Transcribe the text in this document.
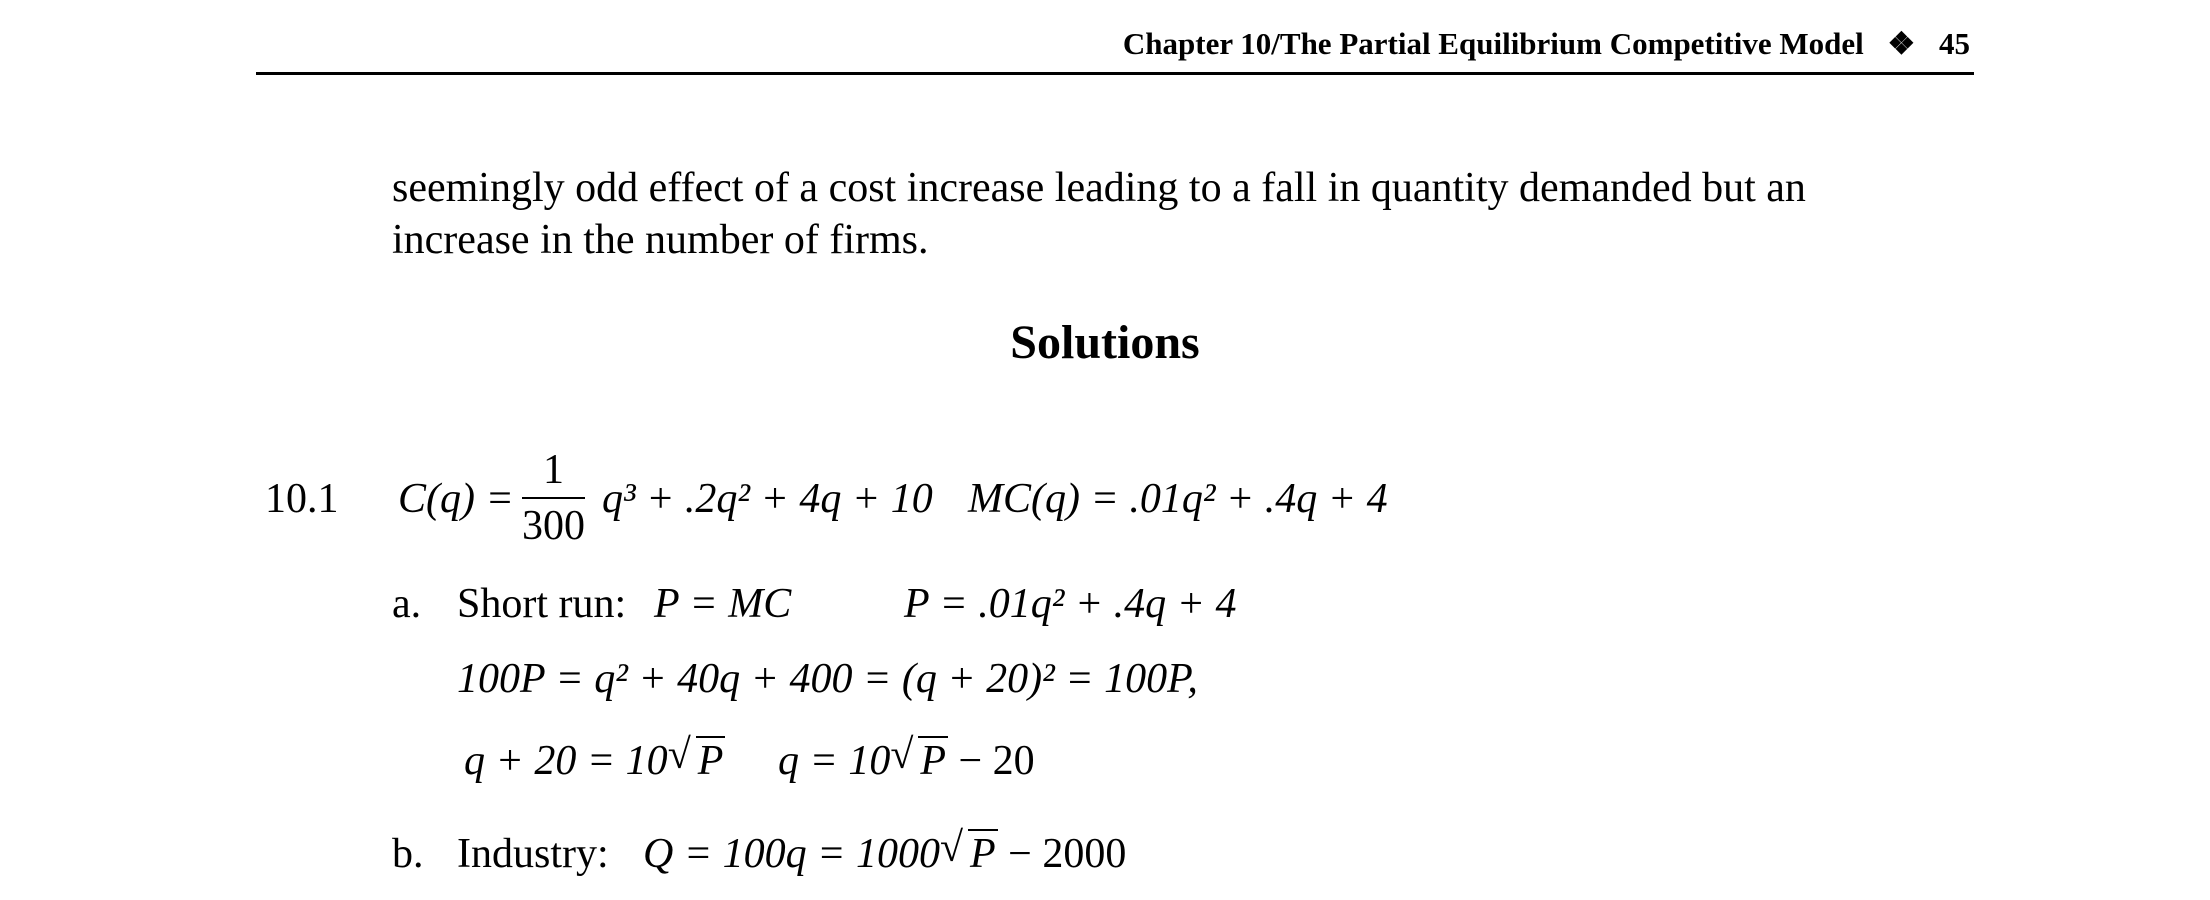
Chapter 10/The Partial Equilibrium Competitive Model ❖ 45
seemingly odd effect of a cost increase leading to a fall in quantity demanded but an
increase in the number of firms.
Solutions
10.1 $C(q) = \frac{1}{300} q^3 + .2q^2 + 4q + 10$ MC(q) = .01q² + .4q + 4
a. Short run: P = MC	P = .01q² + .4q + 4
100P = q² + 40q + 400 = (q + 20)² = 100P,
q + 20 = 10 √ P q = 10 √ P − 20
b. Industry: Q = 100q = 1000 √ P − 2000
